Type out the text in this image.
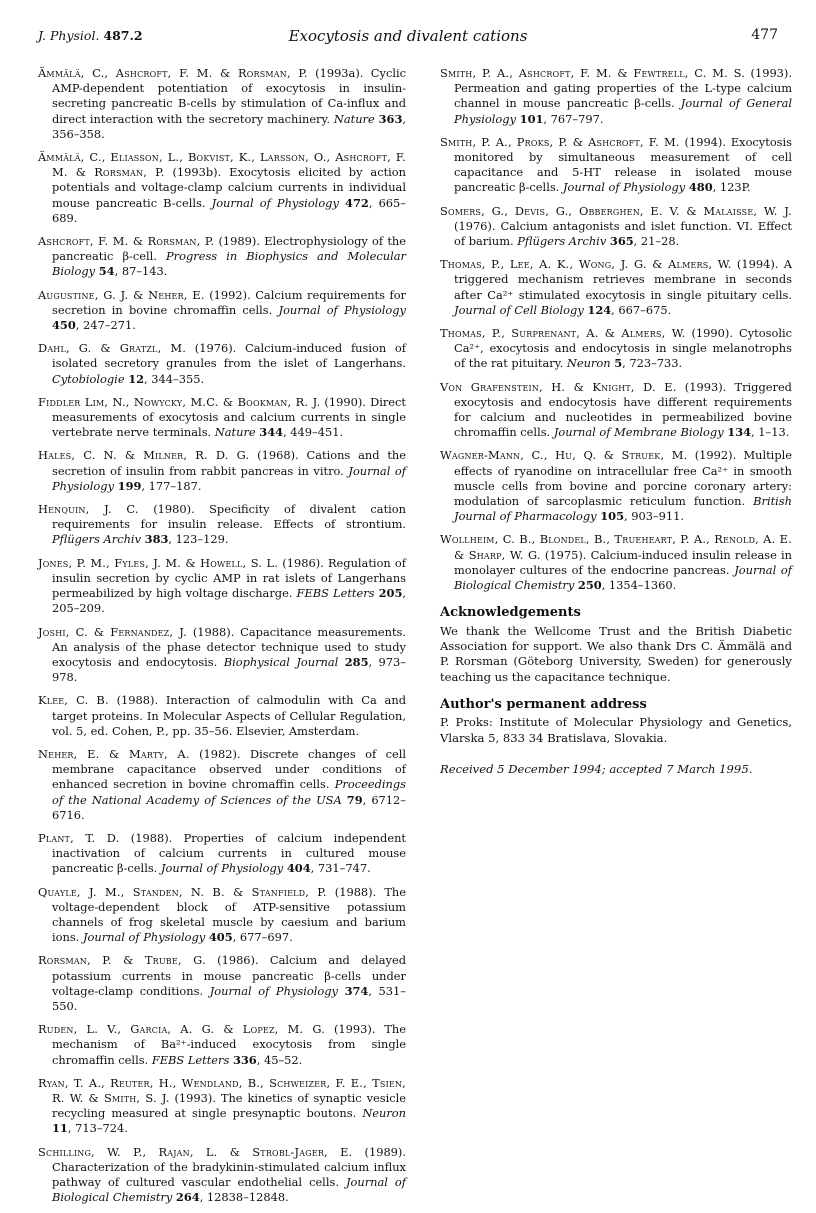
J. Physiol. 487.2	Exocytosis and divalent cations	477

Ämmälä, C., Ashcroft, F. M. & Rorsman, P. (1993a). Cyclic AMP-dependent potentiation of exocytosis in insulin-secreting pancreatic B-cells by stimulation of Ca-influx and direct interaction with the secretory machinery. Nature 363, 356–358.

Ämmälä, C., Eliasson, L., Bokvist, K., Larsson, O., Ashcroft, F. M. & Rorsman, P. (1993b). Exocytosis elicited by action potentials and voltage-clamp calcium currents in individual mouse pancreatic B-cells. Journal of Physiology 472, 665–689.

Ashcroft, F. M. & Rorsman, P. (1989). Electrophysiology of the pancreatic β-cell. Progress in Biophysics and Molecular Biology 54, 87–143.

Augustine, G. J. & Neher, E. (1992). Calcium requirements for secretion in bovine chromaffin cells. Journal of Physiology 450, 247–271.

Dahl, G. & Gratzl, M. (1976). Calcium-induced fusion of isolated secretory granules from the islet of Langerhans. Cytobiologie 12, 344–355.

Fiddler Lim, N., Nowycky, M.C. & Bookman, R. J. (1990). Direct measurements of exocytosis and calcium currents in single vertebrate nerve terminals. Nature 344, 449–451.

Hales, C. N. & Milner, R. D. G. (1968). Cations and the secretion of insulin from rabbit pancreas in vitro. Journal of Physiology 199, 177–187.

Henquin, J. C. (1980). Specificity of divalent cation requirements for insulin release. Effects of strontium. Pflügers Archiv 383, 123–129.

Jones, P. M., Fyles, J. M. & Howell, S. L. (1986). Regulation of insulin secretion by cyclic AMP in rat islets of Langerhans permeabilized by high voltage discharge. FEBS Letters 205, 205–209.

Joshi, C. & Fernandez, J. (1988). Capacitance measurements. An analysis of the phase detector technique used to study exocytosis and endocytosis. Biophysical Journal 285, 973–978.

Klee, C. B. (1988). Interaction of calmodulin with Ca and target proteins. In Molecular Aspects of Cellular Regulation, vol. 5, ed. Cohen, P., pp. 35–56. Elsevier, Amsterdam.

Neher, E. & Marty, A. (1982). Discrete changes of cell membrane capacitance observed under conditions of enhanced secretion in bovine chromaffin cells. Proceedings of the National Academy of Sciences of the USA 79, 6712–6716.

Plant, T. D. (1988). Properties of calcium independent inactivation of calcium currents in cultured mouse pancreatic β-cells. Journal of Physiology 404, 731–747.

Quayle, J. M., Standen, N. B. & Stanfield, P. (1988). The voltage-dependent block of ATP-sensitive potassium channels of frog skeletal muscle by caesium and barium ions. Journal of Physiology 405, 677–697.

Rorsman, P. & Trube, G. (1986). Calcium and delayed potassium currents in mouse pancreatic β-cells under voltage-clamp conditions. Journal of Physiology 374, 531–550.

Ruden, L. V., Garcia, A. G. & Lopez, M. G. (1993). The mechanism of Ba²⁺-induced exocytosis from single chromaffin cells. FEBS Letters 336, 45–52.

Ryan, T. A., Reuter, H., Wendland, B., Schweizer, F. E., Tsien, R. W. & Smith, S. J. (1993). The kinetics of synaptic vesicle recycling measured at single presynaptic boutons. Neuron 11, 713–724.

Schilling, W. P., Rajan, L. & Strobl-Jager, E. (1989). Characterization of the bradykinin-stimulated calcium influx pathway of cultured vascular endothelial cells. Journal of Biological Chemistry 264, 12838–12848.

Smith, P. A., Ashcroft, F. M. & Fewtrell, C. M. S. (1993). Permeation and gating properties of the L-type calcium channel in mouse pancreatic β-cells. Journal of General Physiology 101, 767–797.

Smith, P. A., Proks, P. & Ashcroft, F. M. (1994). Exocytosis monitored by simultaneous measurement of cell capacitance and 5-HT release in isolated mouse pancreatic β-cells. Journal of Physiology 480, 123P.

Somers, G., Devis, G., Obberghen, E. V. & Malaisse, W. J. (1976). Calcium antagonists and islet function. VI. Effect of barium. Pflügers Archiv 365, 21–28.

Thomas, P., Lee, A. K., Wong, J. G. & Almers, W. (1994). A triggered mechanism retrieves membrane in seconds after Ca²⁺ stimulated exocytosis in single pituitary cells. Journal of Cell Biology 124, 667–675.

Thomas, P., Surprenant, A. & Almers, W. (1990). Cytosolic Ca²⁺, exocytosis and endocytosis in single melanotrophs of the rat pituitary. Neuron 5, 723–733.

Von Grafenstein, H. & Knight, D. E. (1993). Triggered exocytosis and endocytosis have different requirements for calcium and nucleotides in permeabilized bovine chromaffin cells. Journal of Membrane Biology 134, 1–13.

Wagner-Mann, C., Hu, Q. & Struek, M. (1992). Multiple effects of ryanodine on intracellular free Ca²⁺ in smooth muscle cells from bovine and porcine coronary artery: modulation of sarcoplasmic reticulum function. British Journal of Pharmacology 105, 903–911.

Wollheim, C. B., Blondel, B., Trueheart, P. A., Renold, A. E. & Sharp, W. G. (1975). Calcium-induced insulin release in monolayer cultures of the endocrine pancreas. Journal of Biological Chemistry 250, 1354–1360.

Acknowledgements

We thank the Wellcome Trust and the British Diabetic Association for support. We also thank Drs C. Ämmälä and P. Rorsman (Göteborg University, Sweden) for generously teaching us the capacitance technique.

Author's permanent address

P. Proks: Institute of Molecular Physiology and Genetics, Vlarska 5, 833 34 Bratislava, Slovakia.

Received 5 December 1994; accepted 7 March 1995.
